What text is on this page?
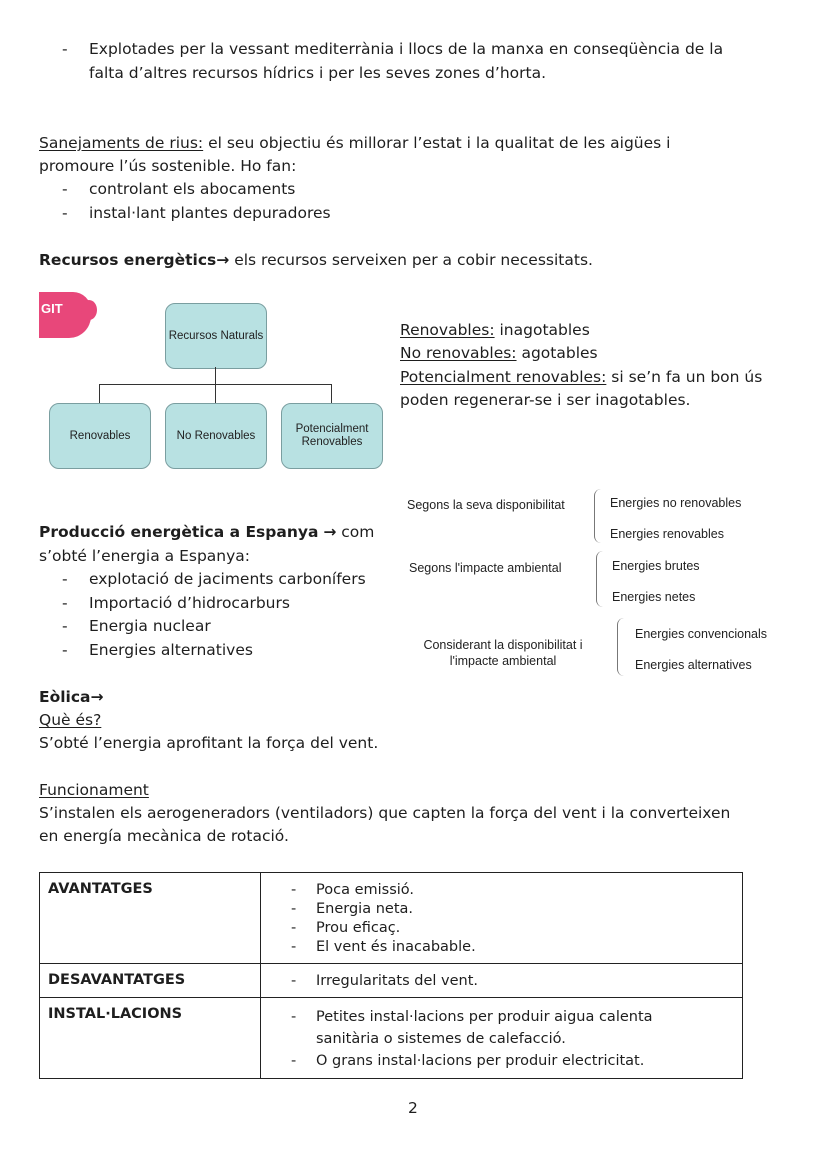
- Explotades per la vessant mediterrània i llocs de la manxa en conseqüència de la
falta d’altres recursos hídrics i per les seves zones d’horta.
Sanejaments de rius: el seu objectiu és millorar l’estat i la qualitat de les aigües i
promoure l’ús sostenible. Ho fan:
- controlant els abocaments
- instal·lant plantes depuradores
Recursos energètics→ els recursos serveixen per a cobir necessitats.
GIT
Recursos Naturals
Renovables	No Renovables
Potencialment
Renovables
Renovables: inagotables
No renovables: agotables
Potencialment renovables: si se’n fa un bon ús
poden regenerar-se i ser inagotables.
Segons la seva disponibilitat	Energies no renovables
Energies renovables
Segons l'impacte ambiental	Energies brutes
Energies netes
Considerant la disponibilitat i
l'impacte ambiental
Energies convencionals
Energies alternatives
Producció energètica a Espanya → com
s’obté l’energia a Espanya:
- explotació de jaciments carbonífers
- Importació d’hidrocarburs
- Energia nuclear
- Energies alternatives
Eòlica→
Què és?
S’obté l’energia aprofitant la força del vent.
Funcionament
S’instalen els aerogeneradors (ventiladors) que capten la força del vent i la converteixen
en energía mecànica de rotació.
AVANTATGES	
-Poca emissió.
- Energia neta.
- Prou eficaç.
- El vent és inacabable.

DESAVANTATGES	
-Irregularitats del vent.

INSTAL·LACIONS	
-Petites instal·lacions per produir aigua calenta
sanitària o sistemes de calefacció.
- O grans instal·lacions per produir electricitat.
2
